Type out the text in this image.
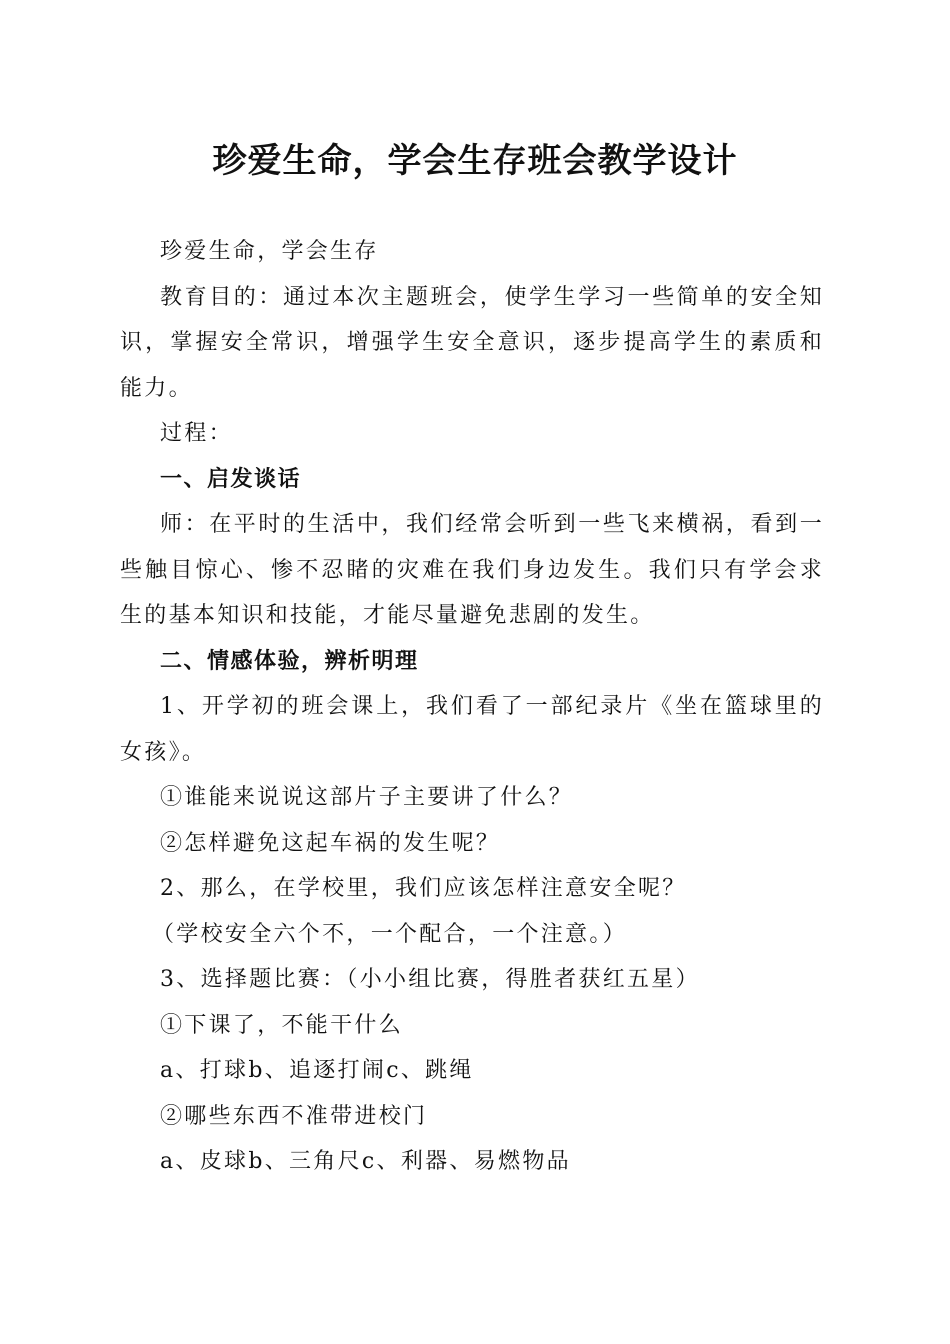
珍爱生命，学会生存班会教学设计

珍爱生命，学会生存

教育目的：通过本次主题班会，使学生学习一些简单的安全知识，掌握安全常识，增强学生安全意识，逐步提高学生的素质和能力。

过程：

一、启发谈话

师：在平时的生活中，我们经常会听到一些飞来横祸，看到一些触目惊心、惨不忍睹的灾难在我们身边发生。我们只有学会求生的基本知识和技能，才能尽量避免悲剧的发生。

二、情感体验，辨析明理

1、开学初的班会课上，我们看了一部纪录片《坐在篮球里的女孩》。

①谁能来说说这部片子主要讲了什么？

②怎样避免这起车祸的发生呢？

2、那么，在学校里，我们应该怎样注意安全呢？

（学校安全六个不，一个配合，一个注意。）

3、选择题比赛：（小小组比赛，得胜者获红五星）

①下课了，不能干什么

a、打球b、追逐打闹c、跳绳

②哪些东西不准带进校门

a、皮球b、三角尺c、利器、易燃物品
